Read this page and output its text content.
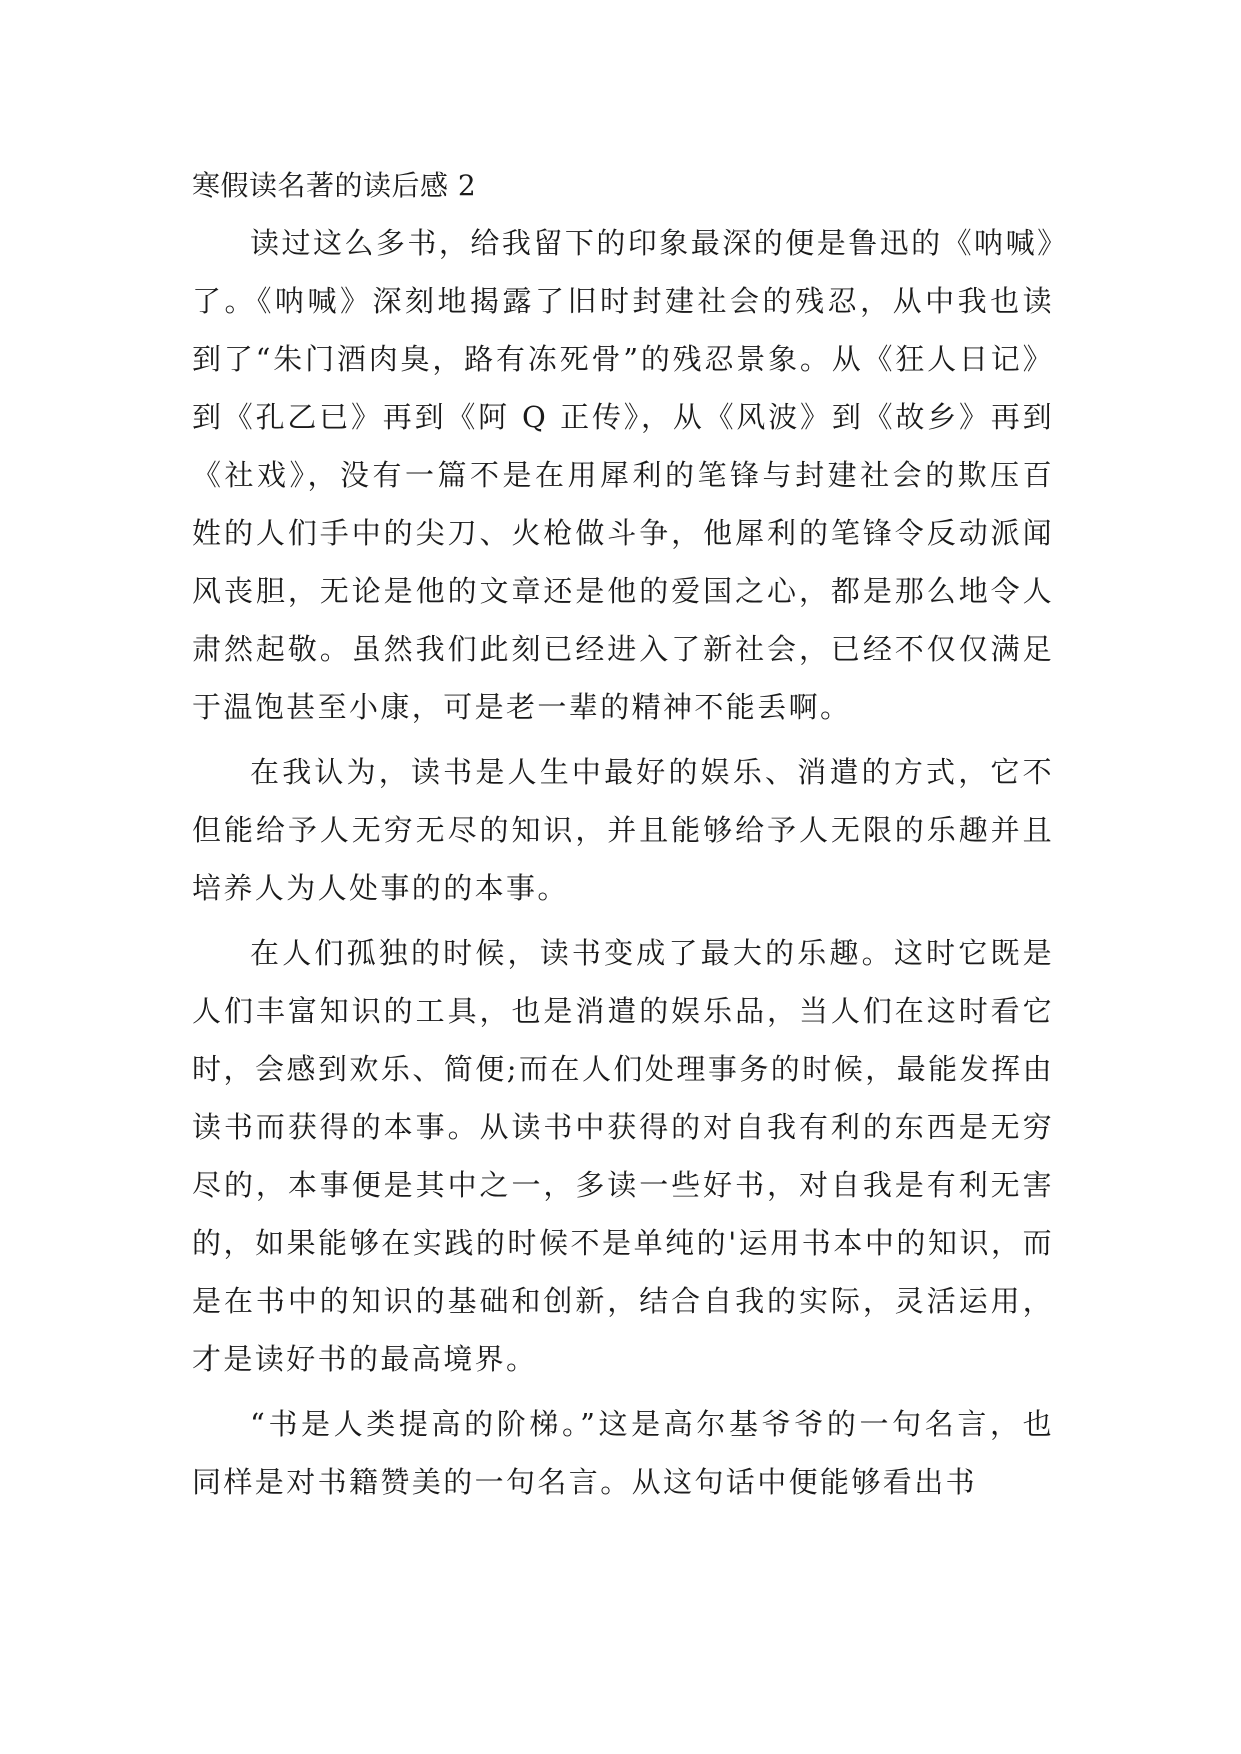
寒假读名著的读后感 2

读过这么多书，给我留下的印象最深的便是鲁迅的《呐喊》了。《呐喊》深刻地揭露了旧时封建社会的残忍，从中我也读到了“朱门酒肉臭，路有冻死骨”的残忍景象。从《狂人日记》到《孔乙已》再到《阿 Q 正传》，从《风波》到《故乡》再到《社戏》，没有一篇不是在用犀利的笔锋与封建社会的欺压百姓的人们手中的尖刀、火枪做斗争，他犀利的笔锋令反动派闻风丧胆，无论是他的文章还是他的爱国之心，都是那么地令人肃然起敬。虽然我们此刻已经进入了新社会，已经不仅仅满足于温饱甚至小康，可是老一辈的精神不能丢啊。

在我认为，读书是人生中最好的娱乐、消遣的方式，它不但能给予人无穷无尽的知识，并且能够给予人无限的乐趣并且培养人为人处事的的本事。

在人们孤独的时候，读书变成了最大的乐趣。这时它既是人们丰富知识的工具，也是消遣的娱乐品，当人们在这时看它时，会感到欢乐、简便;而在人们处理事务的时候，最能发挥由读书而获得的本事。从读书中获得的对自我有利的东西是无穷尽的，本事便是其中之一，多读一些好书，对自我是有利无害的，如果能够在实践的时候不是单纯的'运用书本中的知识，而是在书中的知识的基础和创新，结合自我的实际，灵活运用，才是读好书的最高境界。

“书是人类提高的阶梯。”这是高尔基爷爷的一句名言，也同样是对书籍赞美的一句名言。从这句话中便能够看出书
